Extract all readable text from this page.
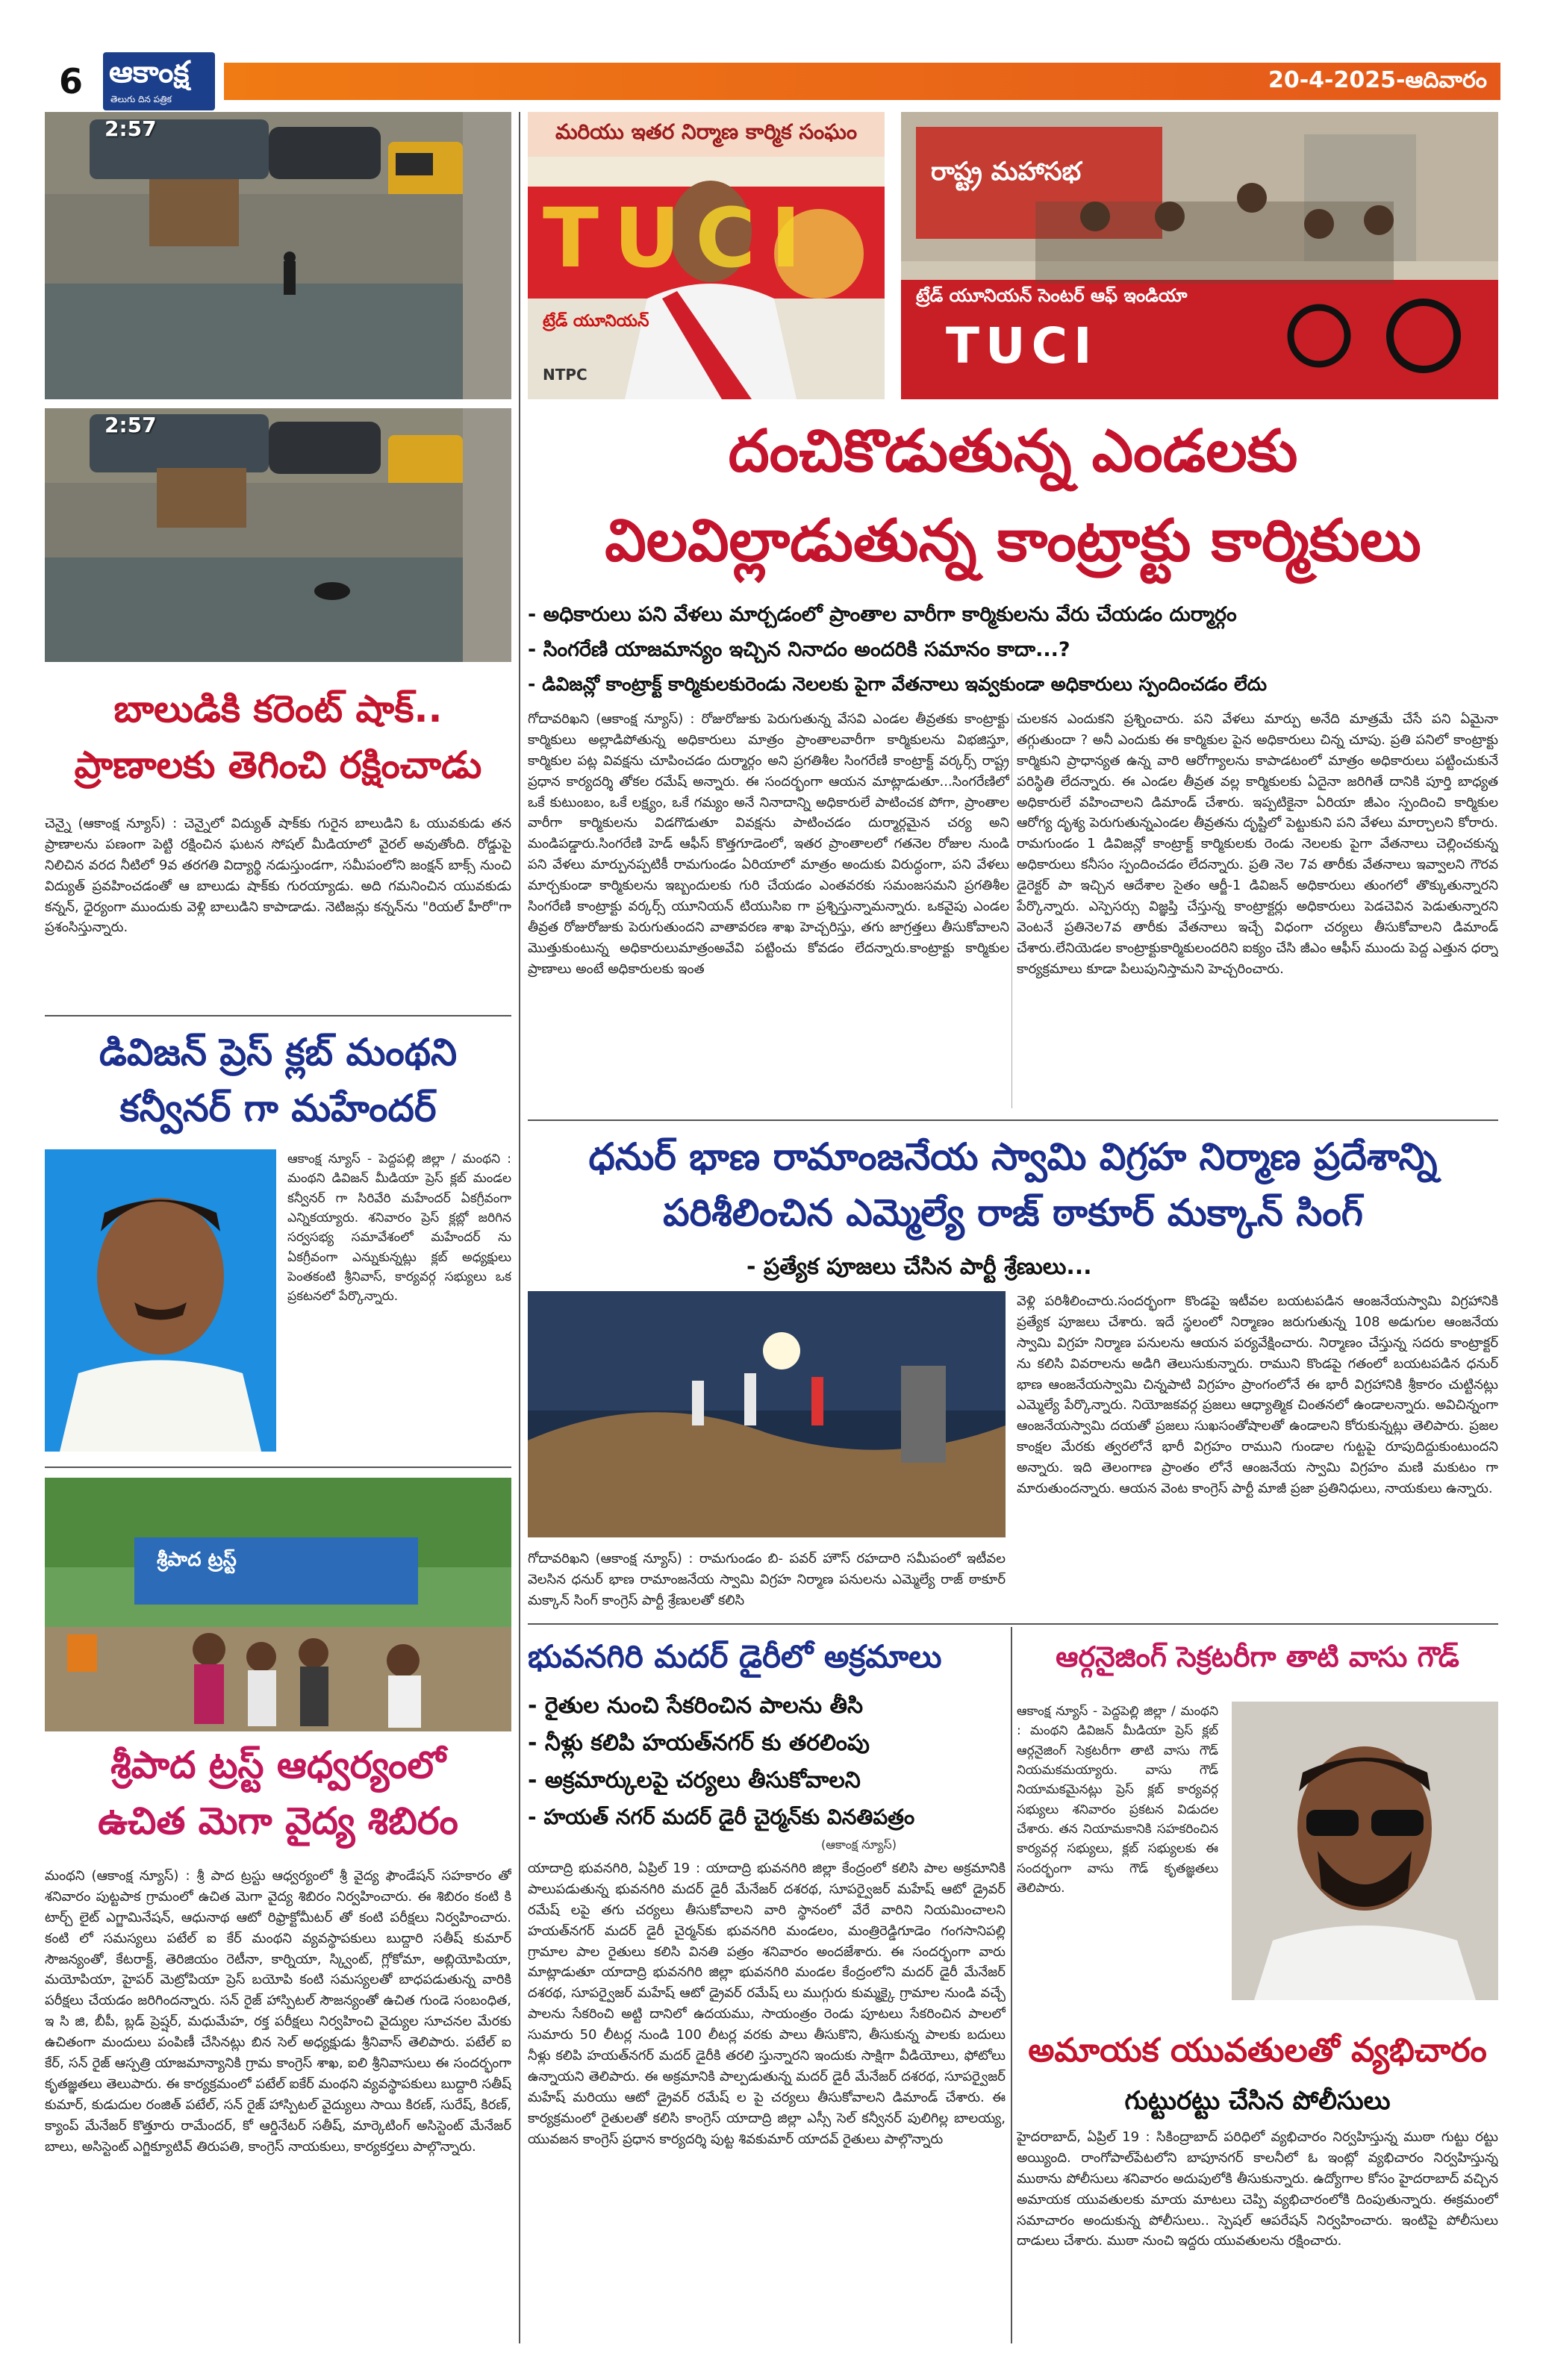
6 ఆకాంక్ష
తెలుగు దిన పత్రిక
20-4-2025-ఆదివారం
2:57
2:57
మరియు ఇతర నిర్మాణ కార్మిక సంఘం
TUCI
ట్రేడ్ యూనియన్
NTPC
రాష్ట్ర మహాసభ
ట్రేడ్ యూనియన్ సెంటర్ ఆఫ్ ఇండియా
TUCI
దంచికొడుతున్న ఎండలకు
విలవిల్లాడుతున్న కాంట్రాక్టు కార్మికులు
- అధికారులు పని వేళలు మార్చడంలో ప్రాంతాల వారీగా కార్మికులను వేరు చేయడం దుర్మార్గం
- సింగరేణి యాజమాన్యం ఇచ్చిన నినాదం అందరికి సమానం కాదా...?
- డివిజన్లో కాంట్రాక్ట్ కార్మికులకురెండు నెలలకు పైగా వేతనాలు ఇవ్వకుండా అధికారులు స్పందించడం లేదు
గోదావరిఖని (ఆకాంక్ష న్యూస్) : రోజురోజుకు పెరుగుతున్న వేసవి ఎండల తీవ్రతకు కాంట్రాక్టు కార్మికులు అల్లాడిపోతున్న అధికారులు మాత్రం ప్రాంతాలవారీగా కార్మికులను విభజిస్తూ, కార్మికుల పట్ల వివక్షను చూపించడం దుర్మార్గం అని ప్రగతిశీల సింగరేణి కాంట్రాక్ట్ వర్కర్స్ రాష్ట్ర ప్రధాన కార్యదర్శి తోకల రమేష్ అన్నారు. ఈ సందర్భంగా ఆయన మాట్లాడుతూ...సింగరేణిలో ఒకే కుటుంబం, ఒకే లక్ష్యం, ఒకే గమ్యం అనే నినాదాన్ని అధికారులే పాటించక పోగా, ప్రాంతాల వారీగా కార్మికులను విడగొడుతూ వివక్షను పాటించడం దుర్మార్గమైన చర్య అని మండిపడ్డారు.సింగరేణి హెడ్ ఆఫీస్ కొత్తగూడెంలో, ఇతర ప్రాంతాలలో గతనెల రోజుల నుండి పని వేళలు మార్పునప్పటికీ రామగుండం ఏరియాలో మాత్రం అందుకు విరుద్ధంగా, పని వేళలు మార్చకుండా కార్మికులను ఇబ్బందులకు గురి చేయడం ఎంతవరకు సమంజసమని ప్రగతిశీల సింగరేణి కాంట్రాక్టు వర్కర్స్ యూనియన్ టియుసిఐ గా ప్రశ్నిస్తున్నామన్నారు. ఒకవైపు ఎండల తీవ్రత రోజురోజుకు పెరుగుతుందని వాతావరణ శాఖ హెచ్చరిస్తు, తగు జాగ్రత్తలు తీసుకోవాలని మొత్తుకుంటున్న అధికారులుమాత్రంఅవేవి పట్టించు కోవడం లేదన్నారు.కాంట్రాక్టు కార్మికుల ప్రాణాలు అంటే అధికారులకు ఇంత
చులకన ఎందుకని ప్రశ్నించారు. పని వేళలు మార్పు అనేది మాత్రమే చేసే పని ఏమైనా తగ్గుతుందా ? అనీ ఎందుకు ఈ కార్మికుల పైన అధికారులు చిన్న చూపు. ప్రతి పనిలో కాంట్రాక్టు కార్మికుని ప్రాధాన్యత ఉన్న వారి ఆరోగ్యాలను కాపాడటంలో మాత్రం అధికారులు పట్టించుకునే పరిస్థితి లేదన్నారు. ఈ ఎండల తీవ్రత వల్ల కార్మికులకు ఏదైనా జరిగితే దానికి పూర్తి బాధ్యత అధికారులే వహించాలని డిమాండ్ చేశారు. ఇప్పటికైనా ఏరియా జీఎం స్పందించి కార్మికుల ఆరోగ్య దృశ్య పెరుగుతున్నఎండల తీవ్రతను దృష్టిలో పెట్టుకుని పని వేళలు మార్చాలని కోరారు. రామగుండం 1 డివిజన్లో కాంట్రాక్ట్ కార్మికులకు రెండు నెలలకు పైగా వేతనాలు చెల్లించకున్న అధికారులు కనీసం స్పందించడం లేదన్నారు. ప్రతి నెల 7వ తారీకు వేతనాలు ఇవ్వాలని గౌరవ డైరెక్టర్ పా ఇచ్చిన ఆదేశాల సైతం ఆర్జీ-1 డివిజన్ అధికారులు తుంగలో తొక్కుతున్నారని పేర్కొన్నారు. ఎస్పెసర్సు విజ్ఞప్తి చేస్తున్న కాంట్రాక్టర్లు అధికారులు పెడచెవిన పెడుతున్నారని వెంటనే ప్రతినెల7వ తారీకు వేతనాలు ఇచ్చే విధంగా చర్యలు తీసుకోవాలని డిమాండ్ చేశారు.లేనియెడల కాంట్రాక్టుకార్మికులందరిని ఐక్యం చేసి జీఎం ఆఫీస్ ముందు పెద్ద ఎత్తున ధర్నా కార్యక్రమాలు కూడా పిలుపునిస్తామని హెచ్చరించారు.
బాలుడికి కరెంట్ షాక్..
ప్రాణాలకు తెగించి రక్షించాడు
చెన్నై (ఆకాంక్ష న్యూస్) : చెన్నైలో విద్యుత్ షాక్‌కు గురైన బాలుడిని ఓ యువకుడు తన ప్రాణాలను పణంగా పెట్టి రక్షించిన ఘటన సోషల్ మీడియాలో వైరల్ అవుతోంది. రోడ్డుపై నిలిచిన వరద నీటిలో 9వ తరగతి విద్యార్థి నడుస్తుండగా, సమీపంలోని జంక్షన్ బాక్స్ నుంచి విద్యుత్ ప్రవహించడంతో ఆ బాలుడు షాక్‌కు గురయ్యాడు. అది గమనించిన యువకుడు కన్నన్, ధైర్యంగా ముందుకు వెళ్లి బాలుడిని కాపాడాడు. నెటిజన్లు కన్నన్‌ను "రియల్ హీరో"గా ప్రశంసిస్తున్నారు.
డివిజన్ ప్రెస్ క్లబ్ మంథని
కన్వీనర్ గా మహేందర్
ఆకాంక్ష న్యూస్ - పెద్దపల్లి జిల్లా / మంథని : మంథని డివిజన్ మీడియా ప్రెస్ క్లబ్ మండల కన్వీనర్ గా సిరివేరి మహేందర్ ఏకగ్రీవంగా ఎన్నికయ్యారు. శనివారం ప్రెస్ క్లబ్లో జరిగిన సర్వసభ్య సమావేశంలో మహేందర్ ను ఏకగ్రీవంగా ఎన్నుకున్నట్లు క్లబ్ అధ్యక్షులు పెంతకంటి శ్రీనివాస్, కార్యవర్గ సభ్యులు ఒక ప్రకటనలో పేర్కొన్నారు.
శ్రీపాద ట్రస్ట్
శ్రీపాద ట్రస్ట్ ఆధ్వర్యంలో
ఉచిత మెగా వైద్య శిబిరం
మంథని (ఆకాంక్ష న్యూస్) : శ్రీ పాద ట్రస్టు ఆధ్వర్యంలో శ్రీ వైద్య ఫౌండేషన్ సహకారం తో శనివారం పుట్టపాక గ్రామంలో ఉచిత మెగా వైద్య శిబిరం నిర్వహించారు. ఈ శిబిరం కంటి కి టార్చ్ లైట్ ఎగ్జామినేషన్, ఆధునాథ ఆటో రిఫ్రాక్టోమీటర్ తో కంటి పరీక్షలు నిర్వహించారు. కంటి లో సమస్యలు పటేల్ ఐ కేర్ మంథని వ్యవస్థాపకులు బుద్దారి సతీష్ కుమార్ సౌజన్యంతో, కేటరాక్ట్, తెరిజియం రెటీనా, కార్నియా, స్క్వింట్, గ్లోకోమా, అబ్లియోపియా, మయోపియా, హైపర్ మెట్రోపియా ప్రెస్ బయోపి కంటి సమస్యలతో బాధపడుతున్న వారికి పరీక్షలు చేయడం జరిగిందన్నారు. సన్ రైజ్ హాస్పిటల్ సౌజన్యంతో ఉచిత గుండె సంబంధిత, ఇ సి జి, బీపీ, బ్లడ్ ప్రెష్షర్, మధుమేహ, రక్త పరీక్షలు నిర్వహించి వైద్యుల సూచనల మేరకు ఉచితంగా మందులు పంపిణీ చేసినట్లు బిన సెల్ అధ్యక్షుడు శ్రీనివాస్ తెలిపారు. పటేల్ ఐ కేర్, సన్ రైజ్ ఆస్పత్రి యాజమాన్యానికి గ్రామ కాంగ్రెస్ శాఖ, ఐలి శ్రీనివాసులు ఈ సందర్భంగా కృతజ్ఞతలు తెలుపారు. ఈ కార్యక్రమంలో పటేల్ ఐకేర్ మంథని వ్యవస్థాపకులు బుద్దారి సతీష్ కుమార్, కుడుదుల రంజిత్ పటేల్, సన్ రైజ్ హాస్పిటల్ వైద్యులు సాయి కిరణ్, సురేష్, కిరణ్, క్యాంప్ మేనేజర్ కొత్తూరు రామేందర్, కో ఆర్డినేటర్ సతీష్, మార్కెటింగ్ అసిస్టెంట్ మేనేజర్ బాలు, అసిస్టెంట్ ఎగ్జిక్యూటివ్ తిరుపతి, కాంగ్రెస్ నాయకులు, కార్యకర్తలు పాల్గొన్నారు.
ధనుర్ భాణ రామాంజనేయ స్వామి విగ్రహ నిర్మాణ ప్రదేశాన్ని
పరిశీలించిన ఎమ్మెల్యే రాజ్ ఠాకూర్ మక్కాన్ సింగ్
- ప్రత్యేక పూజలు చేసిన పార్టీ శ్రేణులు...
గోదావరిఖని (ఆకాంక్ష న్యూస్) : రామగుండం బి- పవర్ హౌస్ రహదారి సమీపంలో ఇటీవల వెలసిన ధనుర్ భాణ రామాంజనేయ స్వామి విగ్రహ నిర్మాణ పనులను ఎమ్మెల్యే రాజ్ ఠాకూర్ మక్కాన్ సింగ్ కాంగ్రెస్ పార్టీ శ్రేణులతో కలిసి
వెళ్లి పరిశీలించారు.సందర్భంగా కొండపై ఇటీవల బయటపడిన ఆంజనేయస్వామి విగ్రహానికి ప్రత్యేక పూజలు చేశారు. ఇదే స్థలంలో నిర్మాణం జరుగుతున్న 108 అడుగుల ఆంజనేయ స్వామి విగ్రహ నిర్మాణ పనులను ఆయన పర్యవేక్షించారు. నిర్మాణం చేస్తున్న సదరు కాంట్రాక్టర్ ను కలిసి వివరాలను అడిగి తెలుసుకున్నారు. రాముని కొండపై గతంలో బయటపడిన ధనుర్ భాణ ఆంజనేయస్వామి చిన్నపాటి విగ్రహం ప్రాంగంలోనే ఈ భారీ విగ్రహానికి శ్రీకారం చుట్టినట్లు ఎమ్మెల్యే పేర్కొన్నారు. నియోజకవర్గ ప్రజలు ఆధ్యాత్మిక చింతనలో ఉండాలన్నారు. అవిచిన్నంగా ఆంజనేయస్వామి దయతో ప్రజలు సుఖసంతోషాలతో ఉండాలని కోరుకున్నట్లు తెలిపారు. ప్రజల కాంక్షల మేరకు త్వరలోనే భారీ విగ్రహం రాముని గుండాల గుట్టపై రూపుదిద్దుకుంటుందని అన్నారు. ఇది తెలంగాణ ప్రాంతం లోనే ఆంజనేయ స్వామి విగ్రహం మణి మకుటం గా మారుతుందన్నారు. ఆయన వెంట కాంగ్రెస్ పార్టీ మాజీ ప్రజా ప్రతినిధులు, నాయకులు ఉన్నారు.
భువనగిరి మదర్ డైరీలో అక్రమాలు
- రైతుల నుంచి సేకరించిన పాలను తీసి
- నీళ్లు కలిపి హయత్‌నగర్ కు తరలింపు
- అక్రమార్కులపై చర్యలు తీసుకోవాలని
- హయత్ నగర్ మదర్ డైరీ చైర్మన్‌కు వినతిపత్రం
(ఆకాంక్ష న్యూస్)
యాదాద్రి భువనగిరి, ఏప్రిల్ 19 : యాదాద్రి భువనగిరి జిల్లా కేంద్రంలో కలిసి పాల అక్రమానికి పాలుపడుతున్న భువనగిరి మదర్ డైరీ మేనేజర్ దశరథ, సూపర్వైజర్ మహేష్ ఆటో డ్రైవర్ రమేష్ లపై తగు చర్యలు తీసుకోవాలని వారి స్థానంలో వేరే వారిని నియమించాలని హయత్‌నగర్ మదర్ డైరీ చైర్మన్‌కు భువనగిరి మండలం, మంత్రిరెడ్డిగూడెం గంగసానిపల్లి గ్రామాల పాల రైతులు కలిసి వినతి పత్రం శనివారం అందజేశారు. ఈ సందర్భంగా వారు మాట్లాడుతూ యాదాద్రి భువనగిరి జిల్లా భువనగిరి మండల కేంద్రంలోని మదర్ డైరీ మేనేజర్ దశరథ, సూపర్వైజర్ మహేష్ ఆటో డ్రైవర్ రమేష్ లు ముగ్గురు కుమ్మక్కై గ్రామాల నుండి వచ్చే పాలను సేకరించి అట్టి దానిలో ఉదయము, సాయంత్రం రెండు పూటలు సేకరించిన పాలలో సుమారు 50 లీటర్ల నుండి 100 లీటర్ల వరకు పాలు తీసుకొని, తీసుకున్న పాలకు బదులు నీళ్లు కలిపి హయత్‌నగర్ మదర్ డైరీకి తరలి స్తున్నారని ఇందుకు సాక్షిగా వీడియోలు, ఫోటోలు ఉన్నాయని తెలిపారు. ఈ అక్రమానికి పాల్పడుతున్న మదర్ డైరీ మేనేజర్ దశరథ, సూపర్వైజర్ మహేష్ మరియు ఆటో డ్రైవర్ రమేష్ ల పై చర్యలు తీసుకోవాలని డిమాండ్ చేశారు. ఈ కార్యక్రమంలో రైతులతో కలిసి కాంగ్రెస్ యాదాద్రి జిల్లా ఎస్సీ సెల్ కన్వీనర్ పులిగిల్ల బాలయ్య, యువజన కాంగ్రెస్ ప్రధాన కార్యదర్శి పుట్ట శివకుమార్ యాదవ్ రైతులు పాల్గొన్నారు
ఆర్గనైజింగ్ సెక్రటరీగా తాటి వాసు గౌడ్
ఆకాంక్ష న్యూస్ - పెద్దపెల్లి జిల్లా / మంథని : మంథని డివిజన్ మీడియా ప్రెస్ క్లబ్ ఆర్గనైజింగ్ సెక్రటరీగా తాటి వాసు గౌడ్ నియమకమయ్యారు. వాసు గౌడ్ నియామకమైనట్లు ప్రెస్ క్లబ్ కార్యవర్గ సభ్యులు శనివారం ప్రకటన విడుదల చేశారు. తన నియామకానికి సహకరించిన కార్యవర్గ సభ్యులు, క్లబ్ సభ్యులకు ఈ సందర్భంగా వాసు గౌడ్ కృతజ్ఞతలు తెలిపారు.
అమాయక యువతులతో వ్యభిచారం
గుట్టురట్టు చేసిన పోలీసులు
హైదరాబాద్, ఏప్రిల్ 19 : సికింద్రాబాద్ పరిధిలో వ్యభిచారం నిర్వహిస్తున్న ముఠా గుట్టు రట్టు అయ్యింది. రాంగోపాల్‌పేటలోని బాపూనగర్ కాలనీలో ఓ ఇంట్లో వ్యభిచారం నిర్వహిస్తున్న ముఠాను పోలీసులు శనివారం అదుపులోకి తీసుకున్నారు. ఉద్యోగాల కోసం హైదరాబాద్ వచ్చిన అమాయక యువతులకు మాయ మాటలు చెప్పి వ్యభిచారంలోకి దింపుతున్నారు. ఈక్రమంలో సమాచారం అందుకున్న పోలీసులు.. స్పెషల్ ఆపరేషన్ నిర్వహించారు. ఇంటిపై పోలీసులు దాడులు చేశారు. ముఠా నుంచి ఇద్దరు యువతులను రక్షించారు.
